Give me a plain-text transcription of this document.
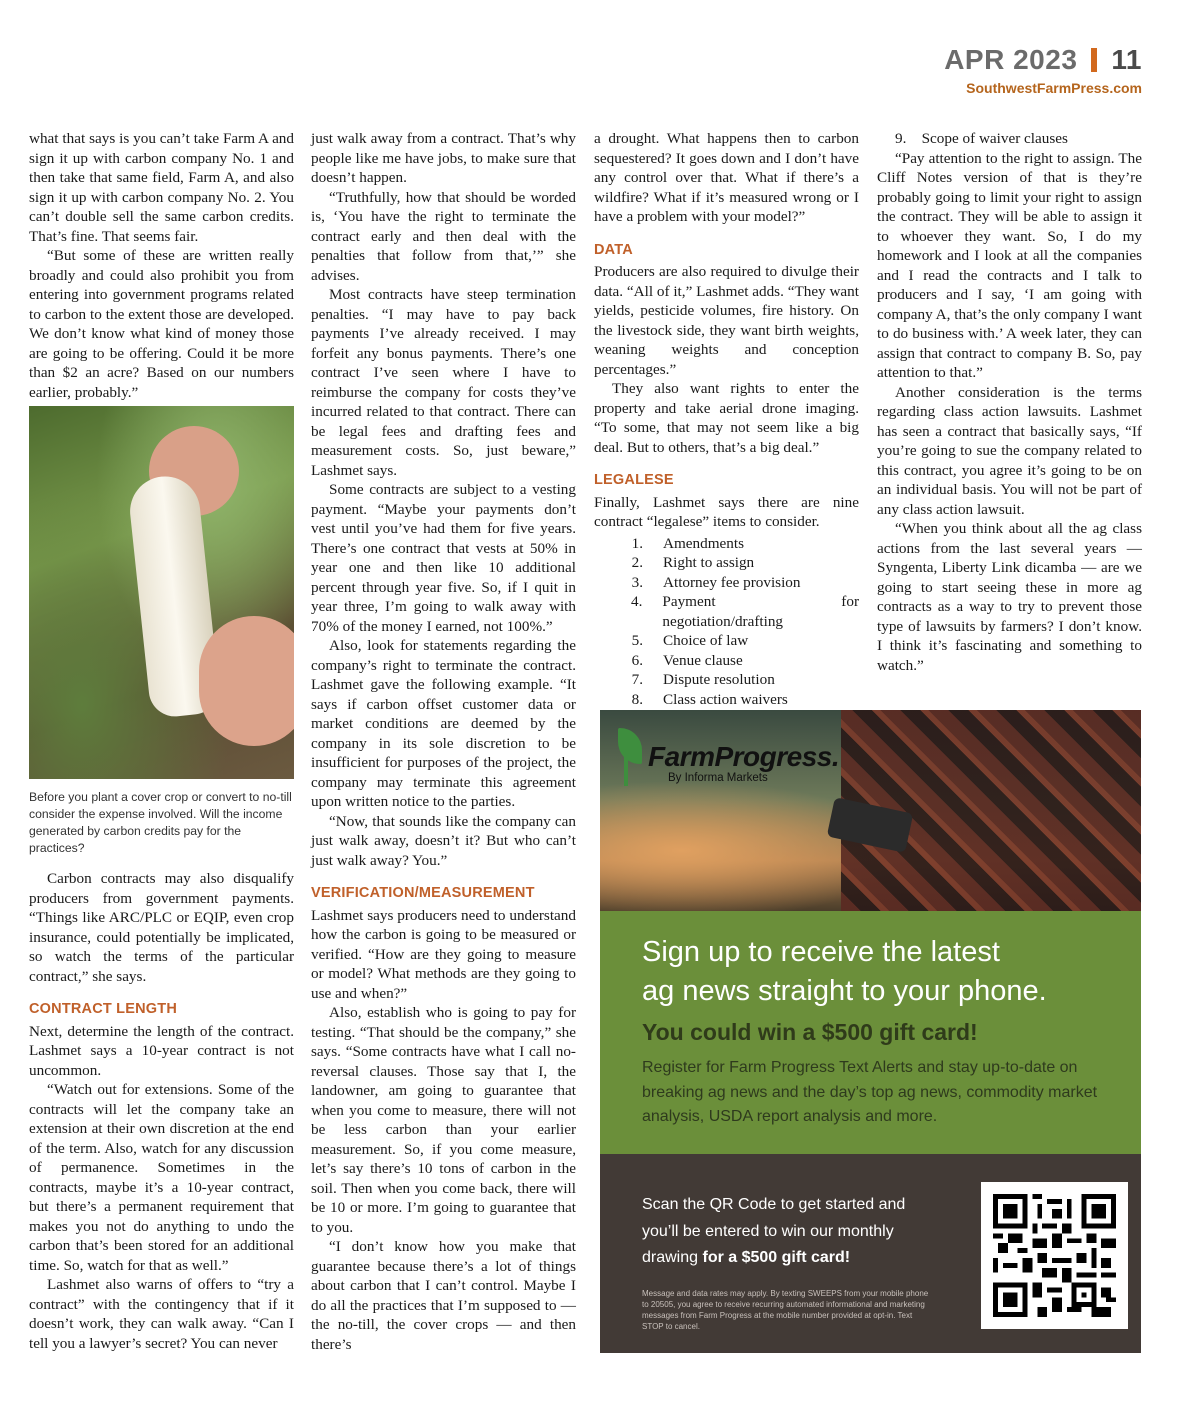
APR 2023 11
SouthwestFarmPress.com

what that says is you can’t take Farm A and sign it up with carbon company No. 1 and then take that same field, Farm A, and also sign it up with carbon company No. 2. You can’t double sell the same carbon credits. That’s fine. That seems fair.

“But some of these are written really broadly and could also prohibit you from entering into government programs related to carbon to the extent those are developed. We don’t know what kind of money those are going to be offering. Could it be more than $2 an acre? Based on our numbers earlier, probably.”

Before you plant a cover crop or convert to no-till consider the expense involved. Will the income generated by carbon credits pay for the practices?

Carbon contracts may also disqualify producers from government payments. “Things like ARC/PLC or EQIP, even crop insurance, could potentially be implicated, so watch the terms of the particular contract,” she says.

CONTRACT LENGTH

Next, determine the length of the contract. Lashmet says a 10-year contract is not uncommon.

“Watch out for extensions. Some of the contracts will let the company take an extension at their own discretion at the end of the term. Also, watch for any discussion of permanence. Sometimes in the contracts, maybe it’s a 10-year contract, but there’s a permanent requirement that makes you not do anything to undo the carbon that’s been stored for an additional time. So, watch for that as well.”

Lashmet also warns of offers to “try a contract” with the contingency that if it doesn’t work, they can walk away. “Can I tell you a lawyer’s secret? You can never

just walk away from a contract. That’s why people like me have jobs, to make sure that doesn’t happen.

“Truthfully, how that should be worded is, ‘You have the right to terminate the contract early and then deal with the penalties that follow from that,’” she advises.

Most contracts have steep termination penalties. “I may have to pay back payments I’ve already received. I may forfeit any bonus payments. There’s one contract I’ve seen where I have to reimburse the company for costs they’ve incurred related to that contract. There can be legal fees and drafting fees and measurement costs. So, just beware,” Lashmet says.

Some contracts are subject to a vesting payment. “Maybe your payments don’t vest until you’ve had them for five years. There’s one contract that vests at 50% in year one and then like 10 additional percent through year five. So, if I quit in year three, I’m going to walk away with 70% of the money I earned, not 100%.”

Also, look for statements regarding the company’s right to terminate the contract. Lashmet gave the following example. “It says if carbon offset customer data or market conditions are deemed by the company in its sole discretion to be insufficient for purposes of the project, the company may terminate this agreement upon written notice to the parties.

“Now, that sounds like the company can just walk away, doesn’t it? But who can’t just walk away? You.”

VERIFICATION/MEASUREMENT

Lashmet says producers need to understand how the carbon is going to be measured or verified. “How are they going to measure or model? What methods are they going to use and when?”

Also, establish who is going to pay for testing. “That should be the company,” she says. “Some contracts have what I call no-reversal clauses. Those say that I, the landowner, am going to guarantee that when you come to measure, there will not be less carbon than your earlier measurement. So, if you come measure, let’s say there’s 10 tons of carbon in the soil. Then when you come back, there will be 10 or more. I’m going to guarantee that to you.

“I don’t know how you make that guarantee because there’s a lot of things about carbon that I can’t control. Maybe I do all the practices that I’m supposed to — the no-till, the cover crops — and then there’s

a drought. What happens then to carbon sequestered? It goes down and I don’t have any control over that. What if there’s a wildfire? What if it’s measured wrong or I have a problem with your model?”

DATA

Producers are also required to divulge their data. “All of it,” Lashmet adds. “They want yields, pesticide volumes, fire history. On the livestock side, they want birth weights, weaning weights and conception percentages.”

They also want rights to enter the property and take aerial drone imaging. “To some, that may not seem like a big deal. But to others, that’s a big deal.”

LEGALESE

Finally, Lashmet says there are nine contract “legalese” items to consider.

1.	Amendments
2.	Right to assign
3.	Attorney fee provision
4.	Payment for negotiation/drafting
5.	Choice of law
6.	Venue clause
7.	Dispute resolution
8.	Class action waivers

9.    Scope of waiver clauses

“Pay attention to the right to assign. The Cliff Notes version of that is they’re probably going to limit your right to assign the contract. They will be able to assign it to whoever they want. So, I do my homework and I look at all the companies and I read the contracts and I talk to producers and I say, ‘I am going with company A, that’s the only company I want to do business with.’ A week later, they can assign that contract to company B. So, pay attention to that.”

Another consideration is the terms regarding class action lawsuits. Lashmet has seen a contract that basically says, “If you’re going to sue the company related to this contract, you agree it’s going to be on an individual basis. You will not be part of any class action lawsuit.

“When you think about all the ag class actions from the last several years — Syngenta, Liberty Link dicamba — are we going to start seeing these in more ag contracts as a way to try to prevent those type of lawsuits by farmers? I don’t know. I think it’s fascinating and something to watch.”

FarmProgress.
By Informa Markets
Sign up to receive the latest
ag news straight to your phone.
You could win a $500 gift card!
Register for Farm Progress Text Alerts and stay up-to-date on breaking ag news and the day’s top ag news, commodity market analysis, USDA report analysis and more.
Scan the QR Code to get started and you’ll be entered to win our monthly drawing for a $500 gift card!
Message and data rates may apply. By texting SWEEPS from your mobile phone to 20505, you agree to receive recurring automated informational and marketing messages from Farm Progress at the mobile number provided at opt-in. Text STOP to cancel.
